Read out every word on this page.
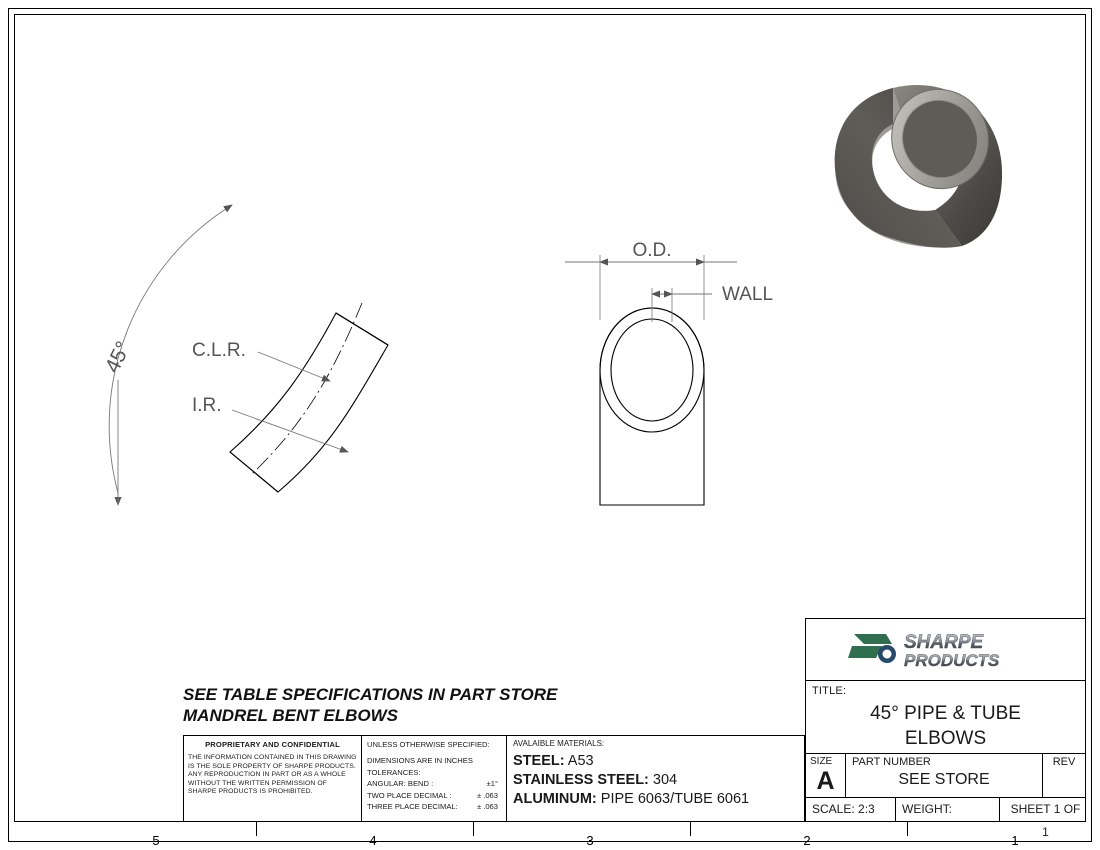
45°	C.L.R.
I.R.
O.D.
WALL
SEE TABLE SPECIFICATIONS IN PART STORE
MANDREL BENT ELBOWS
PROPRIETARY AND CONFIDENTIAL
THE INFORMATION CONTAINED IN THIS DRAWING IS THE SOLE PROPERTY OF SHARPE PRODUCTS. ANY REPRODUCTION IN PART OR AS A WHOLE WITHOUT THE WRITTEN PERMISSION OF SHARPE PRODUCTS IS PROHIBITED.
UNLESS OTHERWISE SPECIFIED:
DIMENSIONS ARE IN INCHES
TOLERANCES:
ANGULAR: BEND :	±1°
TWO PLACE DECIMAL :	± .063
THREE PLACE DECIMAL:	± .063
AVALAIBLE MATERIALS:
STEEL: A53
STAINLESS STEEL: 304
ALUMINUM: PIPE 6063/TUBE 6061
SHARPE
PRODUCTS
TITLE:
45° PIPE & TUBE
ELBOWS
SIZE
A
PART NUMBER
SEE STORE
REV
SCALE: 2:3	WEIGHT:	SHEET 1 OF 1
5	4	3	2	1
